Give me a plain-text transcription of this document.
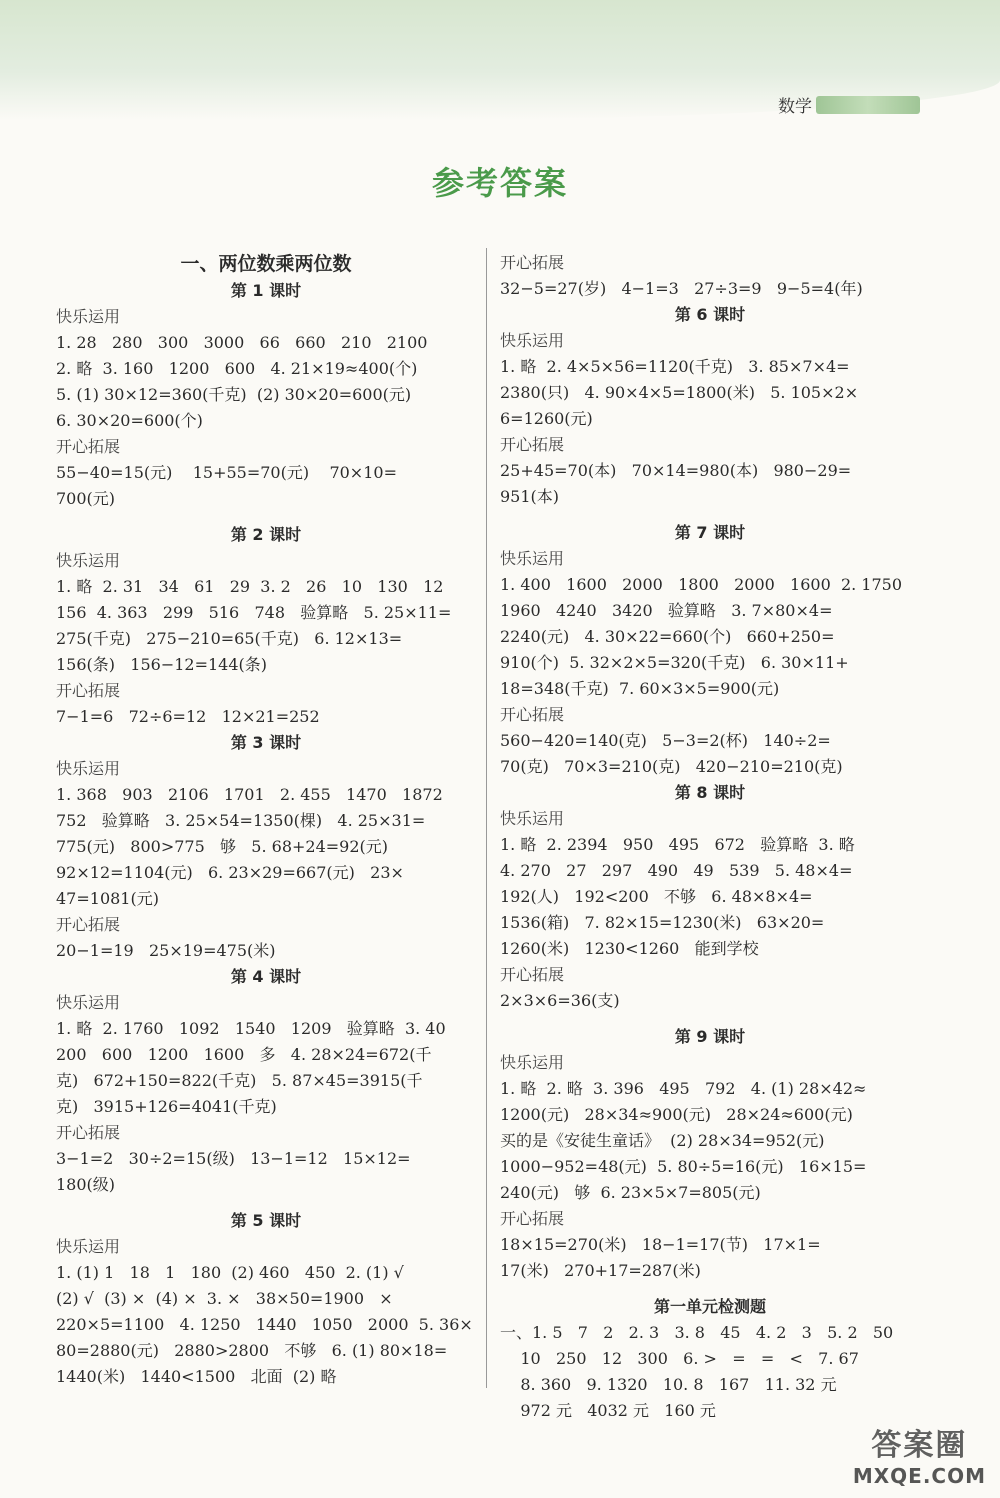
数学
参考答案
一、两位数乘两位数
第 1 课时
快乐运用
1. 28   280   300   3000   66   660   210   2100
2. 略  3. 160   1200   600   4. 21×19≈400(个)
5. (1) 30×12=360(千克)  (2) 30×20=600(元)
6. 30×20=600(个)
开心拓展
55−40=15(元)    15+55=70(元)    70×10=
700(元)
第 2 课时
快乐运用
1. 略  2. 31   34   61   29  3. 2   26   10   130   12
156  4. 363   299   516   748   验算略   5. 25×11=
275(千克)   275−210=65(千克)   6. 12×13=
156(条)   156−12=144(条)
开心拓展
7−1=6   72÷6=12   12×21=252
第 3 课时
快乐运用
1. 368   903   2106   1701   2. 455   1470   1872
752   验算略   3. 25×54=1350(棵)   4. 25×31=
775(元)   800>775   够   5. 68+24=92(元)
92×12=1104(元)   6. 23×29=667(元)   23×
47=1081(元)
开心拓展
20−1=19   25×19=475(米)
第 4 课时
快乐运用
1. 略  2. 1760   1092   1540   1209   验算略  3. 40
200   600   1200   1600   多   4. 28×24=672(千
克)   672+150=822(千克)   5. 87×45=3915(千
克)   3915+126=4041(千克)
开心拓展
3−1=2   30÷2=15(级)   13−1=12   15×12=
180(级)
第 5 课时
快乐运用
1. (1) 1   18   1   180  (2) 460   450  2. (1) √
(2) √  (3) ×  (4) ×  3. ×   38×50=1900   ×
220×5=1100   4. 1250   1440   1050   2000  5. 36×
80=2880(元)   2880>2800   不够   6. (1) 80×18=
1440(米)   1440<1500   北面  (2) 略
开心拓展
32−5=27(岁)   4−1=3   27÷3=9   9−5=4(年)
第 6 课时
快乐运用
1. 略  2. 4×5×56=1120(千克)   3. 85×7×4=
2380(只)   4. 90×4×5=1800(米)   5. 105×2×
6=1260(元)
开心拓展
25+45=70(本)   70×14=980(本)   980−29=
951(本)
第 7 课时
快乐运用
1. 400   1600   2000   1800   2000   1600  2. 1750
1960   4240   3420   验算略   3. 7×80×4=
2240(元)   4. 30×22=660(个)   660+250=
910(个)  5. 32×2×5=320(千克)   6. 30×11+
18=348(千克)  7. 60×3×5=900(元)
开心拓展
560−420=140(克)   5−3=2(杯)   140÷2=
70(克)   70×3=210(克)   420−210=210(克)
第 8 课时
快乐运用
1. 略  2. 2394   950   495   672   验算略  3. 略
4. 270   27   297   490   49   539   5. 48×4=
192(人)   192<200   不够   6. 48×8×4=
1536(箱)   7. 82×15=1230(米)   63×20=
1260(米)   1230<1260   能到学校
开心拓展
2×3×6=36(支)
第 9 课时
快乐运用
1. 略  2. 略  3. 396   495   792   4. (1) 28×42≈
1200(元)   28×34≈900(元)   28×24≈600(元)
买的是《安徒生童话》  (2) 28×34=952(元)
1000−952=48(元)  5. 80÷5=16(元)   16×15=
240(元)   够  6. 23×5×7=805(元)
开心拓展
18×15=270(米)   18−1=17(节)   17×1=
17(米)   270+17=287(米)
第一单元检测题
一、1. 5   7   2   2. 3   3. 8   45   4. 2   3   5. 2   50
10   250   12   300   6. >   =   =   <   7. 67
8. 360   9. 1320   10. 8   167   11. 32 元
972 元   4032 元   160 元
答案圈
MXQE.COM
